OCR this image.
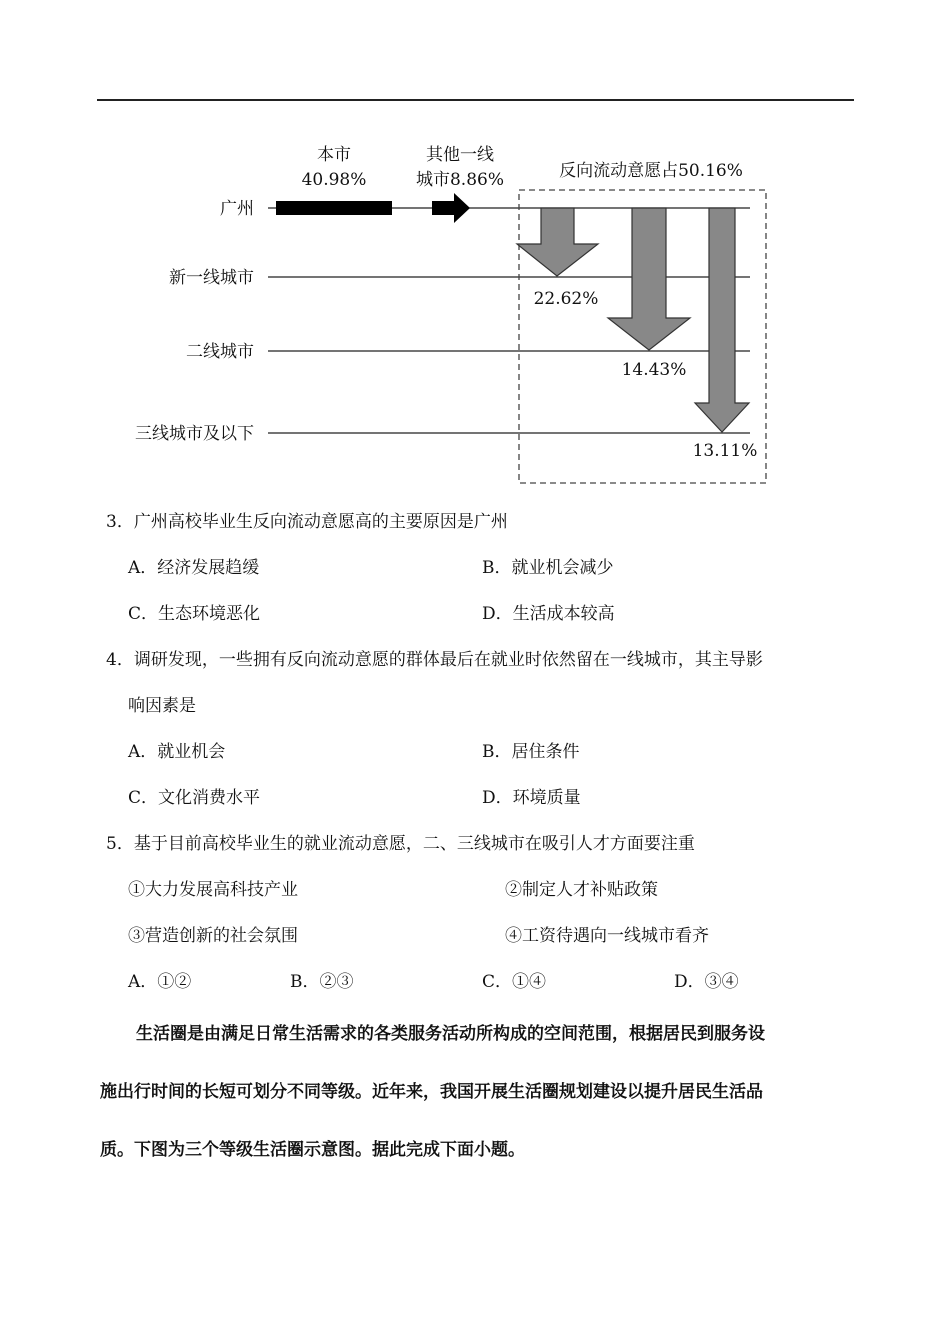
本市
40.98%
其他一线
城市8.86%	反向流动意愿占50.16%
广州
新一线城市
二线城市
三线城市及以下
22.62%
14.43%
13.11%
3．广州高校毕业生反向流动意愿高的主要原因是广州
A．经济发展趋缓	B．就业机会减少
C．生态环境恶化	D．生活成本较高
4．调研发现，一些拥有反向流动意愿的群体最后在就业时依然留在一线城市，其主导影
响因素是
A．就业机会	B．居住条件
C．文化消费水平	D．环境质量
5．基于目前高校毕业生的就业流动意愿，二、三线城市在吸引人才方面要注重
①大力发展高科技产业	②制定人才补贴政策
③营造创新的社会氛围	④工资待遇向一线城市看齐
A．①②	B．②③	C．①④	D．③④
生活圈是由满足日常生活需求的各类服务活动所构成的空间范围，根据居民到服务设
施出行时间的长短可划分不同等级。近年来，我国开展生活圈规划建设以提升居民生活品
质。下图为三个等级生活圈示意图。据此完成下面小题。
